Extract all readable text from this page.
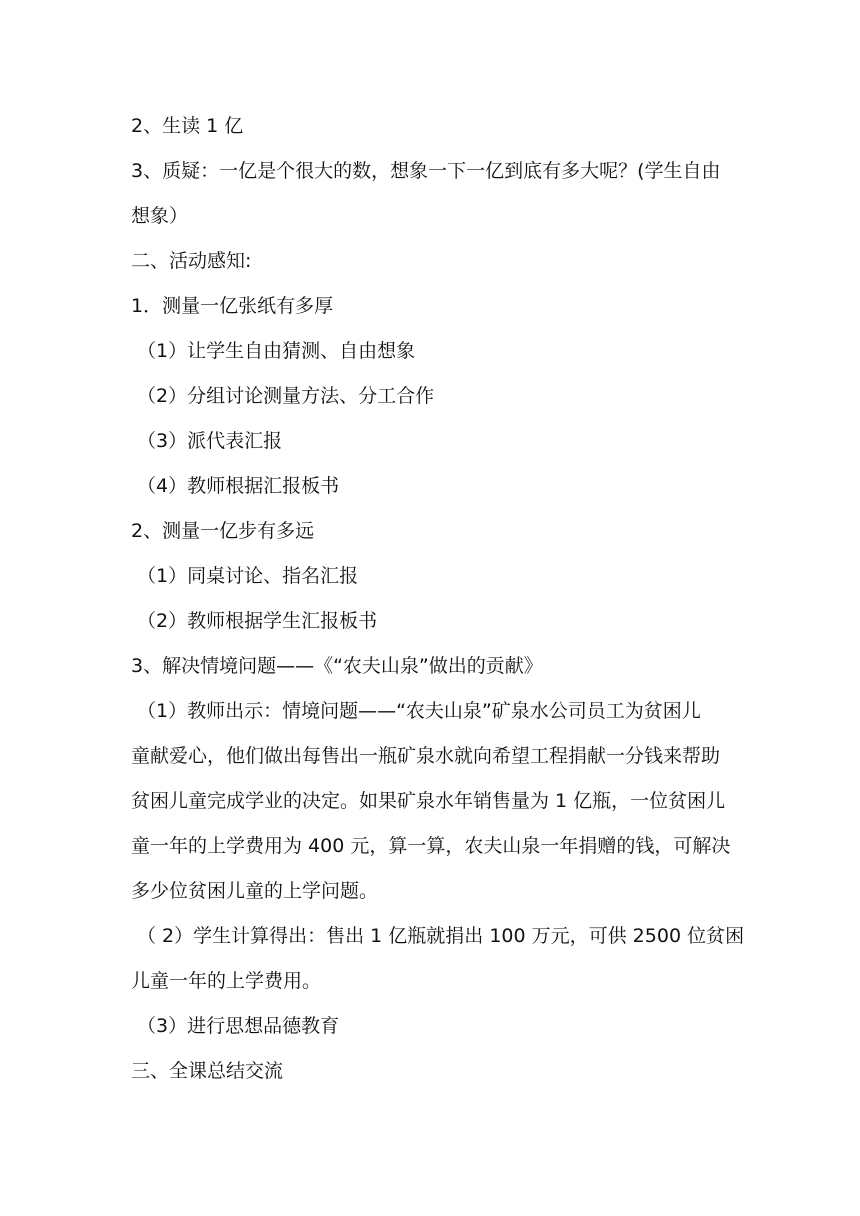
2、生读 1 亿
3、质疑：一亿是个很大的数，想象一下一亿到底有多大呢？(学生自由
想象）
二、活动感知:
1．测量一亿张纸有多厚
（1）让学生自由猜测、自由想象
（2）分组讨论测量方法、分工合作
（3）派代表汇报
（4）教师根据汇报板书
2、测量一亿步有多远
（1）同桌讨论、指名汇报
（2）教师根据学生汇报板书
3、解决情境问题——《“农夫山泉”做出的贡献》
（1）教师出示：情境问题——“农夫山泉”矿泉水公司员工为贫困儿
童献爱心，他们做出每售出一瓶矿泉水就向希望工程捐献一分钱来帮助
贫困儿童完成学业的决定。如果矿泉水年销售量为 1 亿瓶，一位贫困儿
童一年的上学费用为 400 元，算一算，农夫山泉一年捐赠的钱，可解决
多少位贫困儿童的上学问题。
（ 2）学生计算得出：售出 1 亿瓶就捐出 100 万元，可供 2500 位贫困
儿童一年的上学费用。
（3）进行思想品德教育
三、全课总结交流
